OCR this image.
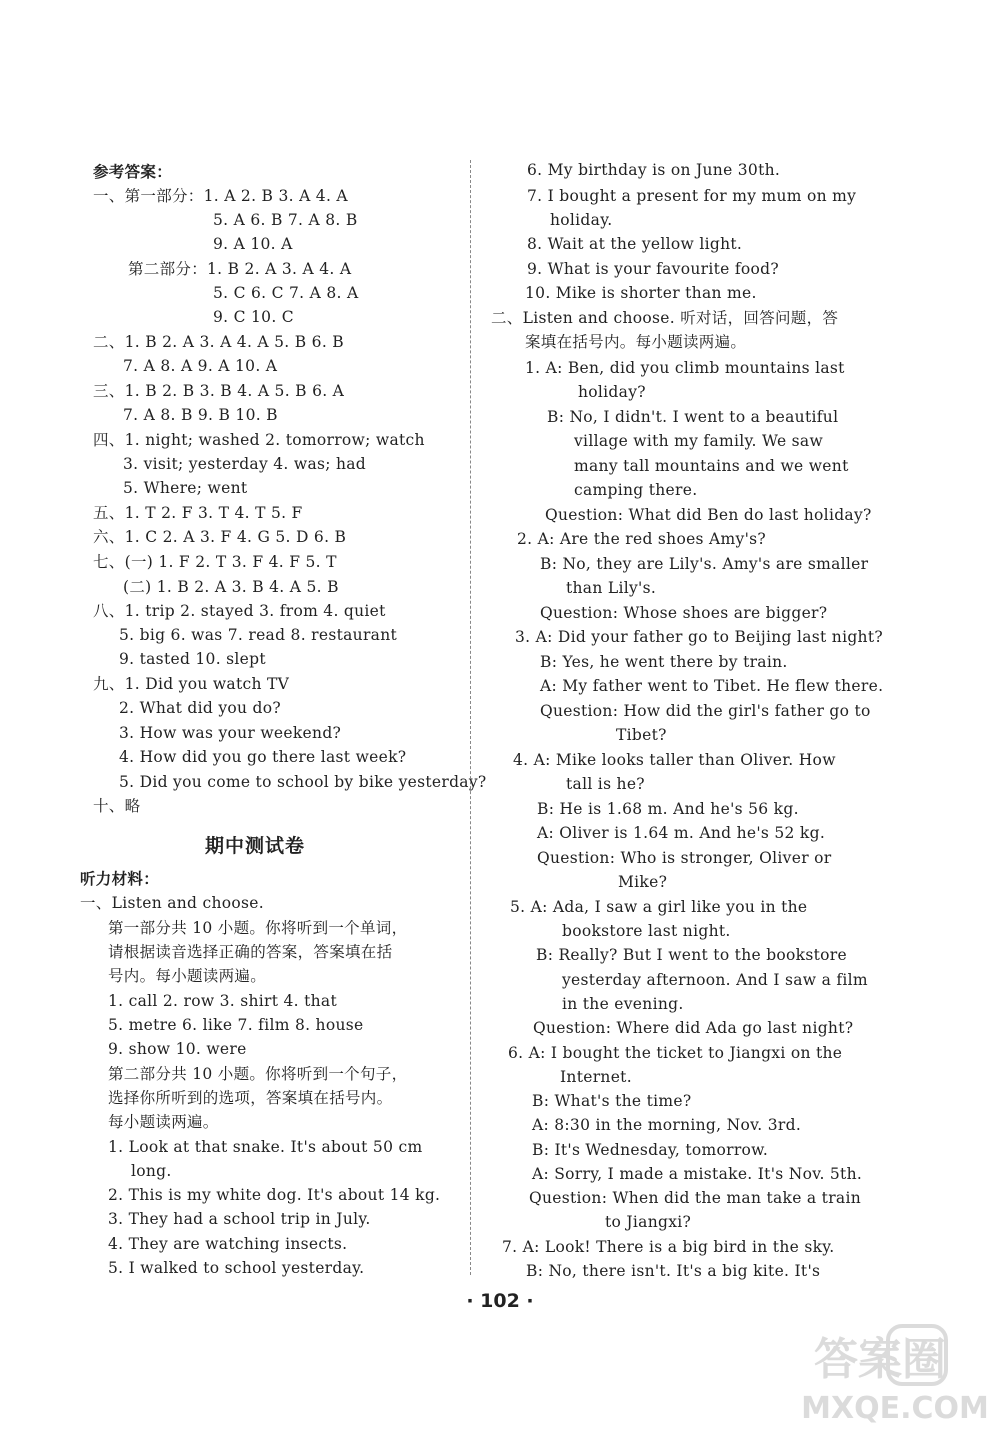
参考答案：
一、第一部分：1. A 2. B 3. A 4. A
5. A 6. B 7. A 8. B
9. A 10. A
第二部分：1. B 2. A 3. A 4. A
5. C 6. C 7. A 8. A
9. C 10. C
二、1. B 2. A 3. A 4. A 5. B 6. B
7. A 8. A 9. A 10. A
三、1. B 2. B 3. B 4. A 5. B 6. A
7. A 8. B 9. B 10. B
四、1. night; washed 2. tomorrow; watch
3. visit; yesterday 4. was; had
5. Where; went
五、1. T 2. F 3. T 4. T 5. F
六、1. C 2. A 3. F 4. G 5. D 6. B
七、(一) 1. F 2. T 3. F 4. F 5. T
(二) 1. B 2. A 3. B 4. A 5. B
八、1. trip 2. stayed 3. from 4. quiet
5. big 6. was 7. read 8. restaurant
9. tasted 10. slept
九、1. Did you watch TV
2. What did you do?
3. How was your weekend?
4. How did you go there last week?
5. Did you come to school by bike yesterday?
十、略
期中测试卷
听力材料：
一、Listen and choose.
第一部分共 10 小题。你将听到一个单词，
请根据读音选择正确的答案，答案填在括
号内。每小题读两遍。
1. call 2. row 3. shirt 4. that
5. metre 6. like 7. film 8. house
9. show 10. were
第二部分共 10 小题。你将听到一个句子，
选择你所听到的选项，答案填在括号内。
每小题读两遍。
1. Look at that snake. It's about 50 cm
long.
2. This is my white dog. It's about 14 kg.
3. They had a school trip in July.
4. They are watching insects.
5. I walked to school yesterday.
6. My birthday is on June 30th.
7. I bought a present for my mum on my
holiday.
8. Wait at the yellow light.
9. What is your favourite food?
10. Mike is shorter than me.
二、Listen and choose. 听对话，回答问题，答
案填在括号内。每小题读两遍。
1. A: Ben, did you climb mountains last
holiday?
B: No, I didn't. I went to a beautiful
village with my family. We saw
many tall mountains and we went
camping there.
Question: What did Ben do last holiday?
2. A: Are the red shoes Amy's?
B: No, they are Lily's. Amy's are smaller
than Lily's.
Question: Whose shoes are bigger?
3. A: Did your father go to Beijing last night?
B: Yes, he went there by train.
A: My father went to Tibet. He flew there.
Question: How did the girl's father go to
Tibet?
4. A: Mike looks taller than Oliver. How
tall is he?
B: He is 1.68 m. And he's 56 kg.
A: Oliver is 1.64 m. And he's 52 kg.
Question: Who is stronger, Oliver or
Mike?
5. A: Ada, I saw a girl like you in the
bookstore last night.
B: Really? But I went to the bookstore
yesterday afternoon. And I saw a film
in the evening.
Question: Where did Ada go last night?
6. A: I bought the ticket to Jiangxi on the
Internet.
B: What's the time?
A: 8:30 in the morning, Nov. 3rd.
B: It's Wednesday, tomorrow.
A: Sorry, I made a mistake. It's Nov. 5th.
Question: When did the man take a train
to Jiangxi?
7. A: Look! There is a big bird in the sky.
B: No, there isn't. It's a big kite. It's
· 102 ·
答案圈
MXQE.COM
